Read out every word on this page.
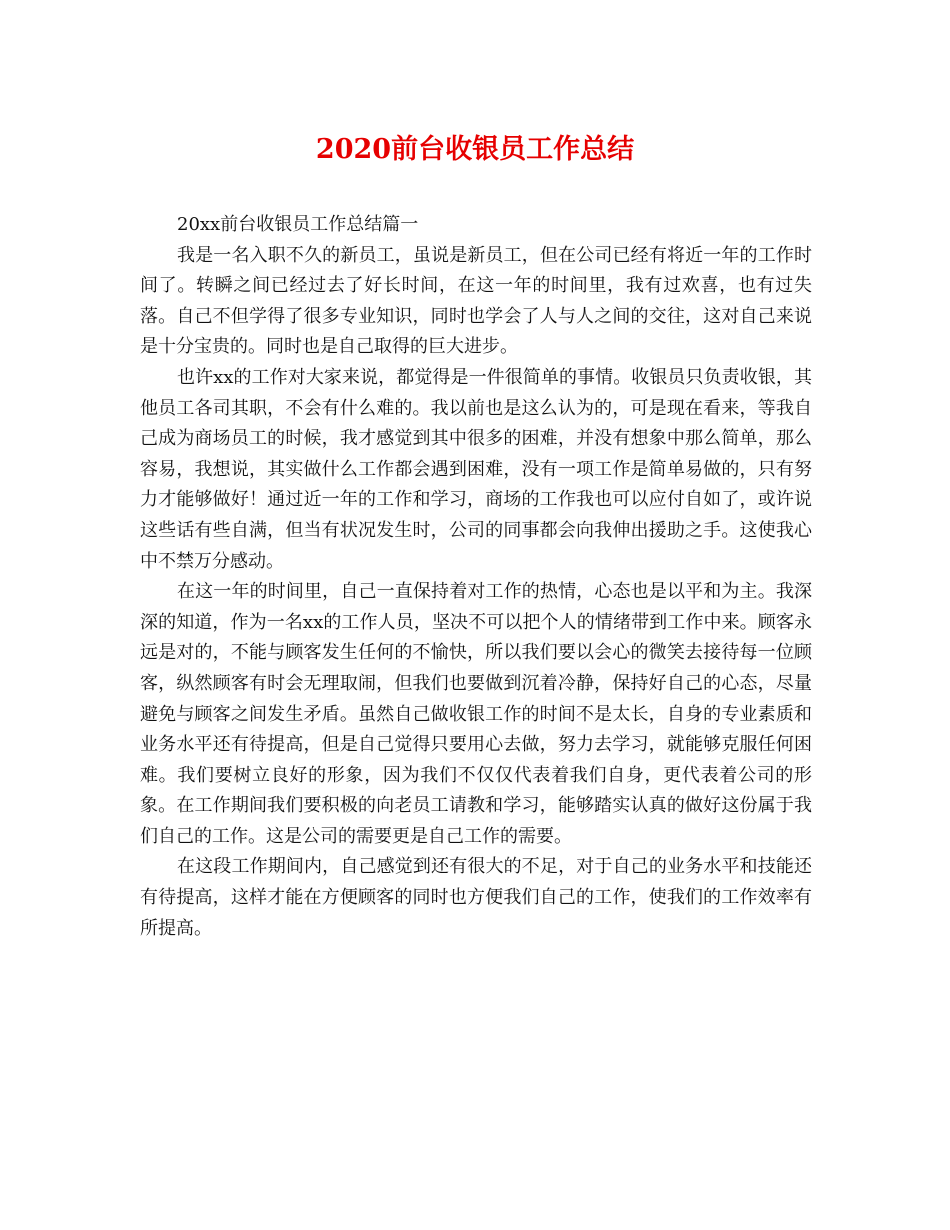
2020前台收银员工作总结

20xx前台收银员工作总结篇一

我是一名入职不久的新员工，虽说是新员工，但在公司已经有将近一年的工作时间了。转瞬之间已经过去了好长时间，在这一年的时间里，我有过欢喜，也有过失落。自己不但学得了很多专业知识，同时也学会了人与人之间的交往，这对自己来说是十分宝贵的。同时也是自己取得的巨大进步。

也许xx的工作对大家来说，都觉得是一件很简单的事情。收银员只负责收银，其他员工各司其职，不会有什么难的。我以前也是这么认为的，可是现在看来，等我自己成为商场员工的时候，我才感觉到其中很多的困难，并没有想象中那么简单，那么容易，我想说，其实做什么工作都会遇到困难，没有一项工作是简单易做的，只有努力才能够做好！通过近一年的工作和学习，商场的工作我也可以应付自如了，或许说这些话有些自满，但当有状况发生时，公司的同事都会向我伸出援助之手。这使我心中不禁万分感动。

在这一年的时间里，自己一直保持着对工作的热情，心态也是以平和为主。我深深的知道，作为一名xx的工作人员，坚决不可以把个人的情绪带到工作中来。顾客永远是对的，不能与顾客发生任何的不愉快，所以我们要以会心的微笑去接待每一位顾客，纵然顾客有时会无理取闹，但我们也要做到沉着冷静，保持好自己的心态，尽量避免与顾客之间发生矛盾。虽然自己做收银工作的时间不是太长，自身的专业素质和业务水平还有待提高，但是自己觉得只要用心去做，努力去学习，就能够克服任何困难。我们要树立良好的形象，因为我们不仅仅代表着我们自身，更代表着公司的形象。在工作期间我们要积极的向老员工请教和学习，能够踏实认真的做好这份属于我们自己的工作。这是公司的需要更是自己工作的需要。

在这段工作期间内，自己感觉到还有很大的不足，对于自己的业务水平和技能还有待提高，这样才能在方便顾客的同时也方便我们自己的工作，使我们的工作效率有所提高。
